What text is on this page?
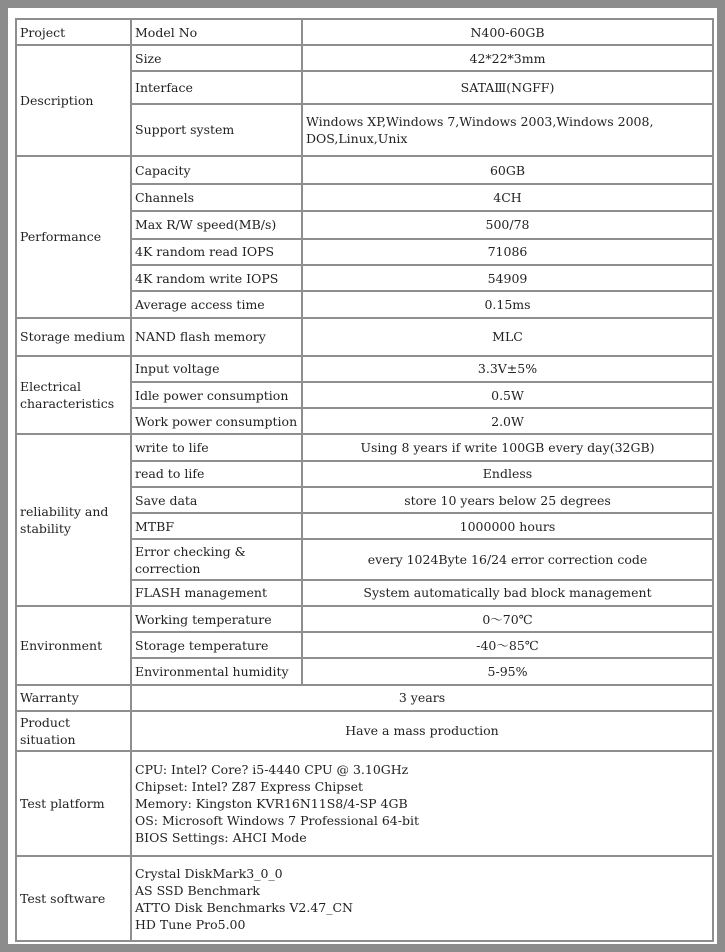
Project	Model No	N400-60GB
Description	Size	42*22*3mm
	Interface	SATAⅢ(NGFF)
	Support system	Windows XP,Windows 7,Windows 2003,Windows 2008, DOS,Linux,Unix
Performance	Capacity	60GB
	Channels	4CH
	Max R/W speed(MB/s)	500/78
	4K random read IOPS	71086
	4K random write IOPS	54909
	Average access time	0.15ms
Storage medium	NAND flash memory	MLC
Electrical characteristics	Input voltage	3.3V±5%
	Idle power consumption	0.5W
	Work power consumption	2.0W
reliability and stability	write to life	Using 8 years if write 100GB every day(32GB)
	read to life	Endless
	Save data	store 10 years below 25 degrees
	MTBF	1000000 hours
	Error checking & correction	every 1024Byte 16/24 error correction code
	FLASH management	System automatically bad block management
Environment	Working temperature	0～70℃
	Storage temperature	-40～85℃
	Environmental humidity	5-95%
Warranty	3 years	
Product situation	Have a mass production	
Test platform	CPU: Intel? Core? i5-4440 CPU @ 3.10GHz
Chipset: Intel? Z87 Express Chipset
Memory: Kingston KVR16N11S8/4-SP 4GB
OS: Microsoft Windows 7 Professional 64-bit
BIOS Settings: AHCI Mode	

Test software	Crystal DiskMark3_0_0
AS SSD Benchmark
ATTO Disk Benchmarks V2.47_CN
HD Tune Pro5.00	
